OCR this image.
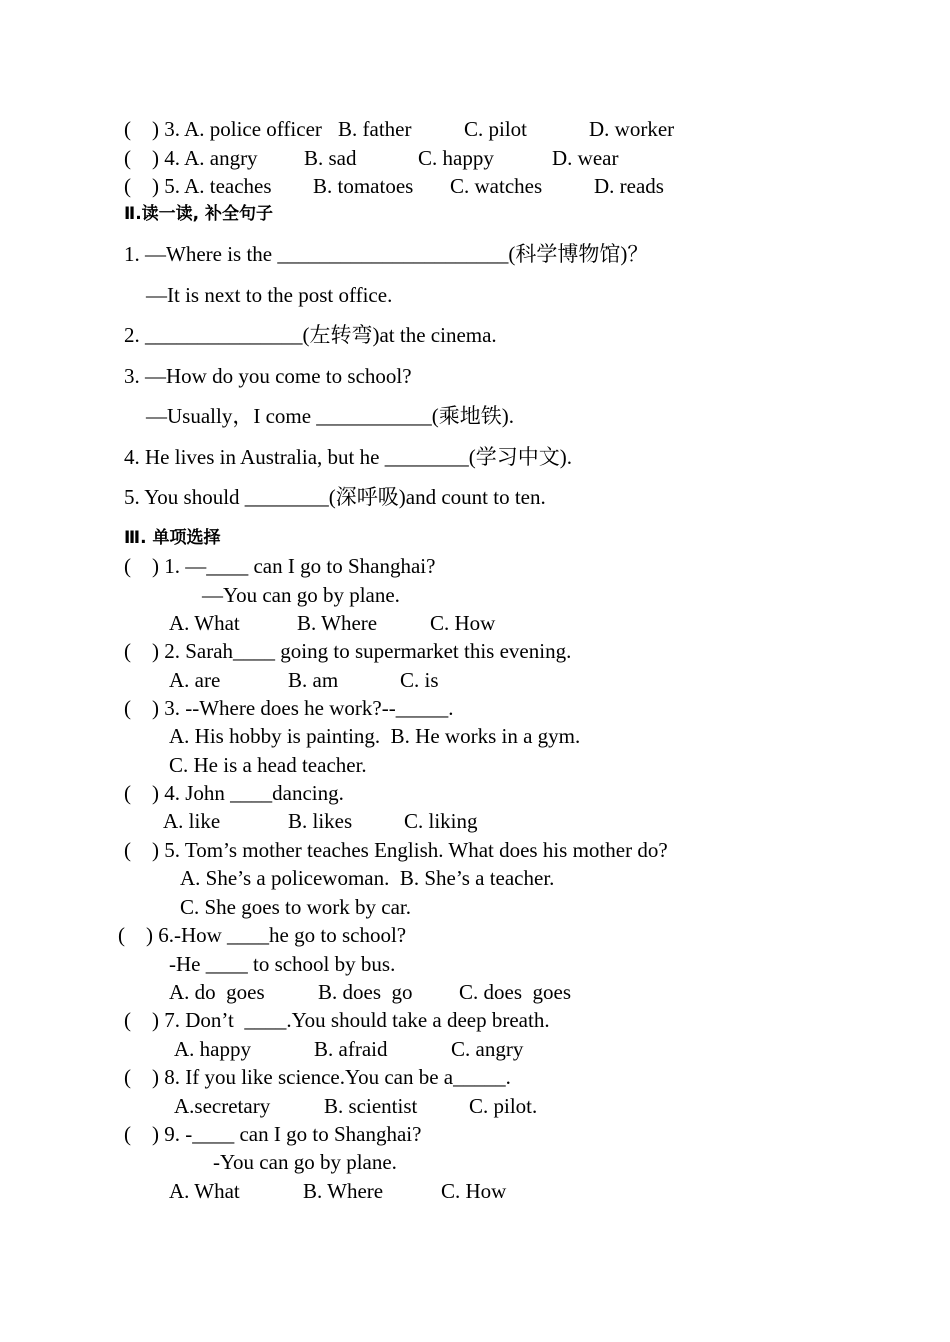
(    ) 3. A. police officer

B. father

	C. pilot

	D. worker

(    ) 4. A. angry

B. sad

	C. happy

	D. wear

(    ) 5. A. teaches

B. tomatoes

C. watches

D. reads

Ⅱ.读一读, 补全句子
1. —Where is the ______________________(科学博物馆)？
—It is next to the post office.
2. _______________(左转弯)at the cinema.
3. —How do you come to school?
—Usually，I come ___________(乘地铁).
4. He lives in Australia, but he ________(学习中文).
5. You should ________(深呼吸)and count to ten.
Ⅲ. 单项选择
(    ) 1. —____ can I go to Shanghai?
—You can go by plane.

A. What

	B. Where

	C. How

(    ) 2. Sarah____ going to supermarket this evening.

A. are

	B. am

	C. is

(    ) 3. --Where does he work?--_____.
A. His hobby is painting.  B. He works in a gym.
C. He is a head teacher.
(    ) 4. John ____dancing.

A. like

	B. likes

C. liking

(    ) 5. Tom’s mother teaches English. What does his mother do?
A. She’s a policewoman.  B. She’s a teacher.
C. She goes to work by car.
(    ) 6.-How ____he go to school?
-He ____ to school by bus.

A. do  goes

	B. does  go

C. does  goes

(    ) 7. Don’t  ____.You should take a deep breath.

A. happy

	B. afraid

	C. angry

(    ) 8. If you like science.You can be a_____.

A.secretary

	B. scientist

C. pilot.

(    ) 9. -____ can I go to Shanghai?
-You can go by plane.

A. What

	B. Where

	C. How
